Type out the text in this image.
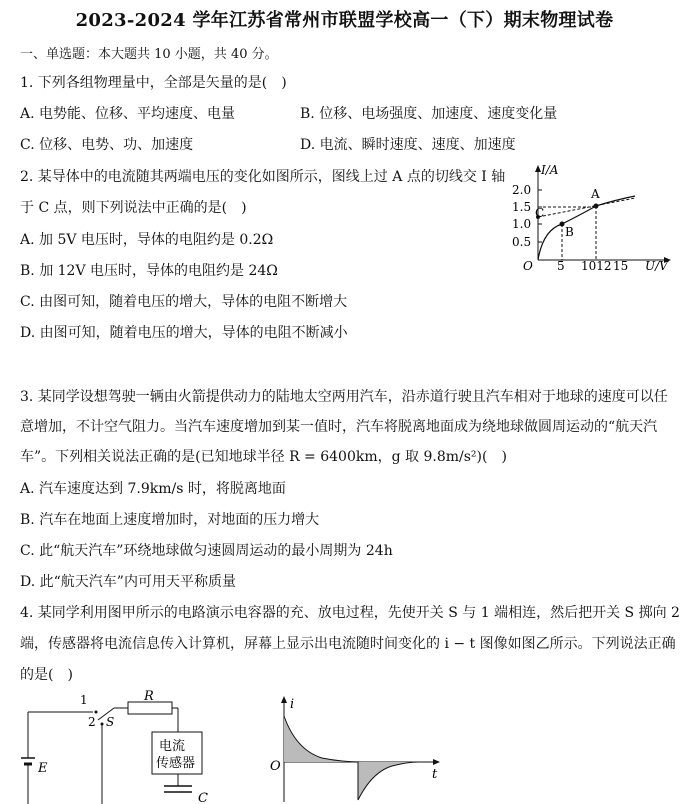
2023-2024 学年江苏省常州市联盟学校高一（下）期末物理试卷
一、单选题：本大题共 10 小题，共 40 分。
1. 下列各组物理量中，全部是矢量的是(　)
A. 电势能、位移、平均速度、电量	B. 位移、电场强度、加速度、速度变化量
C. 位移、电势、功、加速度	D. 电流、瞬时速度、速度、加速度
2. 某导体中的电流随其两端电压的变化如图所示，图线上过 A 点的切线交 I 轴
于 C 点，则下列说法中正确的是(　)
A. 加 5V 电压时，导体的电阻约是 0.2Ω
B. 加 12V 电压时，导体的电阻约是 24Ω
C. 由图可知，随着电压的增大，导体的电阻不断增大
D. 由图可知，随着电压的增大，导体的电阻不断减小
2.0
1.5
1.0
0.5
I/A
O 5 1012 15 U/V
A
B
C
3. 某同学设想驾驶一辆由火箭提供动力的陆地太空两用汽车，沿赤道行驶且汽车相对于地球的速度可以任
意增加，不计空气阻力。当汽车速度增加到某一值时，汽车将脱离地面成为绕地球做圆周运动的“航天汽
车”。下列相关说法正确的是(已知地球半径 R = 6400km，g 取 9.8m/s²)(　)
A. 汽车速度达到 7.9km/s 时，将脱离地面
B. 汽车在地面上速度增加时，对地面的压力增大
C. 此“航天汽车”环绕地球做匀速圆周运动的最小周期为 24h
D. 此“航天汽车”内可用天平称质量
4. 某同学利用图甲所示的电路演示电容器的充、放电过程，先使开关 S 与 1 端相连，然后把开关 S 掷向 2
端，传感器将电流信息传入计算机，屏幕上显示出电流随时间变化的 i − t 图像如图乙所示。下列说法正确
的是(　)
E
1
2 S
R
电流
传感器
C
i
O
t
